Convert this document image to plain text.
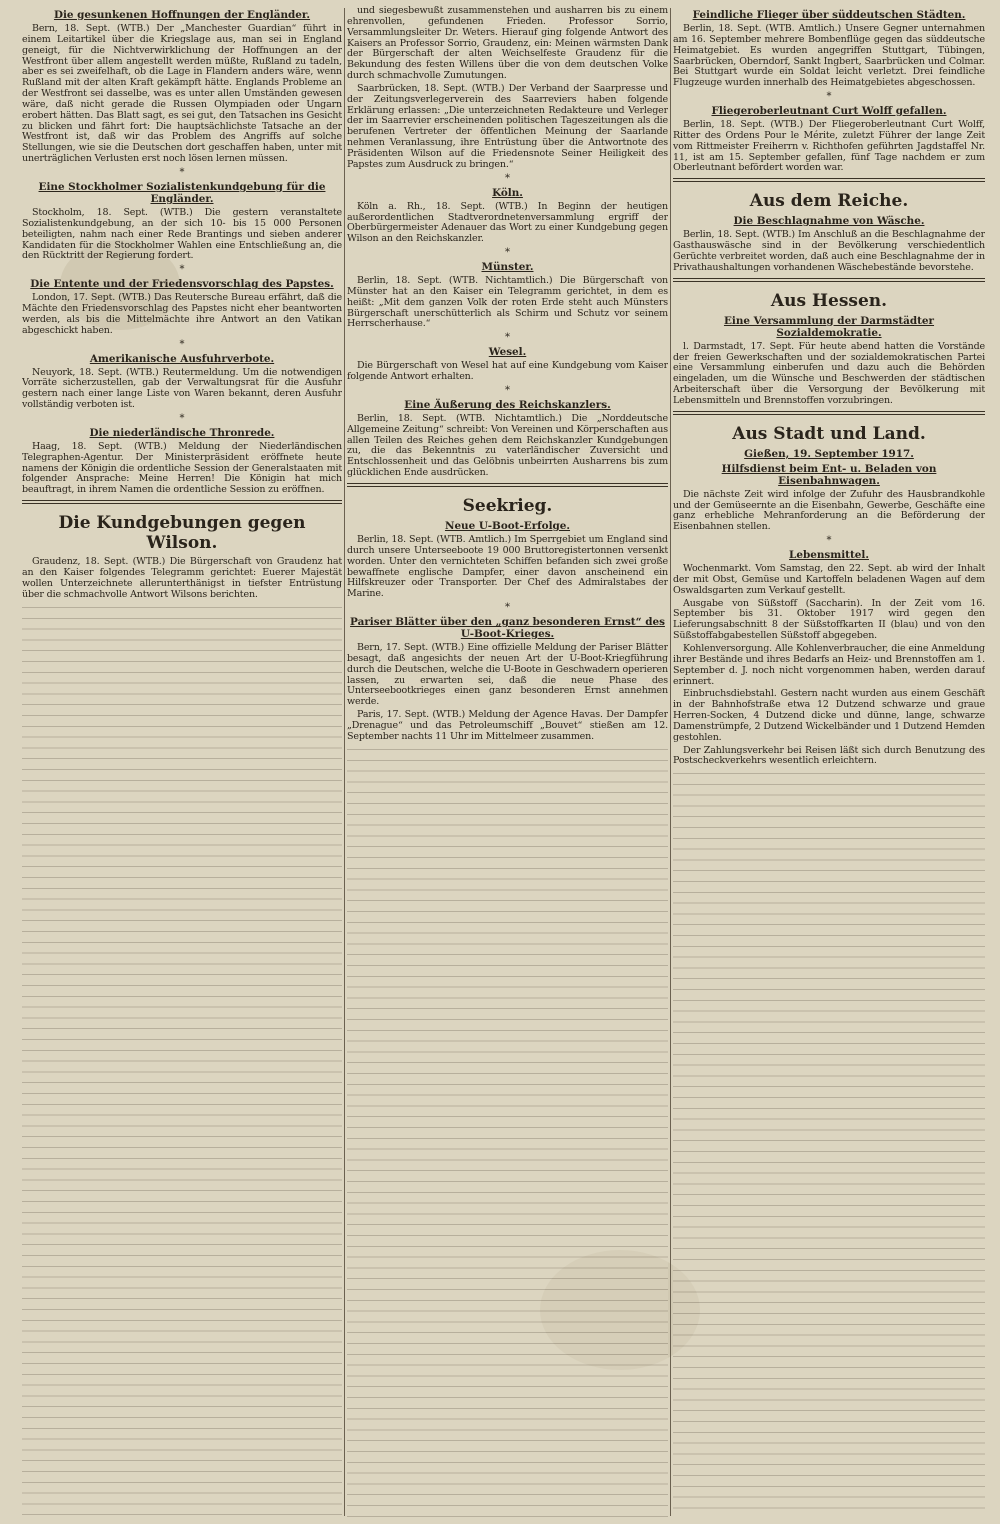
Die gesunkenen Hoffnungen der Engländer.

Bern, 18. Sept. (WTB.) Der „Manchester Guardian“ führt in einem Leitartikel über die Kriegslage aus, man sei in England geneigt, für die Nichtverwirklichung der Hoffnungen an der Westfront über allem angestellt werden müßte, Rußland zu tadeln, aber es sei zweifelhaft, ob die Lage in Flandern anders wäre, wenn Rußland mit der alten Kraft gekämpft hätte. Englands Probleme an der Westfront sei dasselbe, was es unter allen Umständen gewesen wäre, daß nicht gerade die Russen Olympiaden oder Ungarn erobert hätten. Das Blatt sagt, es sei gut, den Tatsachen ins Gesicht zu blicken und fährt fort: Die hauptsächlichste Tatsache an der Westfront ist, daß wir das Problem des Angriffs auf solche Stellungen, wie sie die Deutschen dort geschaffen haben, unter mit unerträglichen Verlusten erst noch lösen lernen müssen.

*
Eine Stockholmer Sozialistenkundgebung für die Engländer.

Stockholm, 18. Sept. (WTB.) Die gestern veranstaltete Sozialistenkundgebung, an der sich 10- bis 15 000 Personen beteiligten, nahm nach einer Rede Brantings und sieben anderer Kandidaten für die Stockholmer Wahlen eine Entschließung an, die den Rücktritt der Regierung fordert.

*
Die Entente und der Friedensvorschlag des Papstes.

London, 17. Sept. (WTB.) Das Reutersche Bureau erfährt, daß die Mächte den Friedensvorschlag des Papstes nicht eher beantworten werden, als bis die Mittelmächte ihre Antwort an den Vatikan abgeschickt haben.

*
Amerikanische Ausfuhrverbote.

Neuyork, 18. Sept. (WTB.) Reutermeldung. Um die notwendigen Vorräte sicherzustellen, gab der Verwaltungsrat für die Ausfuhr gestern nach einer lange Liste von Waren bekannt, deren Ausfuhr vollständig verboten ist.

*
Die niederländische Thronrede.

Haag, 18. Sept. (WTB.) Meldung der Niederländischen Telegraphen-Agentur. Der Ministerpräsident eröffnete heute namens der Königin die ordentliche Session der Generalstaaten mit folgender Ansprache: Meine Herren! Die Königin hat mich beauftragt, in ihrem Namen die ordentliche Session zu eröffnen.

Die Kundgebungen gegen Wilson.

Graudenz, 18. Sept. (WTB.) Die Bürgerschaft von Graudenz hat an den Kaiser folgendes Telegramm gerichtet: Euerer Majestät wollen Unterzeichnete allerunterthänigst in tiefster Entrüstung über die schmachvolle Antwort Wilsons berichten.

und siegesbewußt zusammenstehen und ausharren bis zu einem ehrenvollen, gefundenen Frieden. Professor Sorrio, Versammlungsleiter Dr. Weters. Hierauf ging folgende Antwort des Kaisers an Professor Sorrio, Graudenz, ein: Meinen wärmsten Dank der Bürgerschaft der alten Weichselfeste Graudenz für die Bekundung des festen Willens über die von dem deutschen Volke durch schmachvolle Zumutungen.

Saarbrücken, 18. Sept. (WTB.) Der Verband der Saarpresse und der Zeitungsverlegerverein des Saarreviers haben folgende Erklärung erlassen: „Die unterzeichneten Redakteure und Verleger der im Saarrevier erscheinenden politischen Tageszeitungen als die berufenen Vertreter der öffentlichen Meinung der Saarlande nehmen Veranlassung, ihre Entrüstung über die Antwortnote des Präsidenten Wilson auf die Friedensnote Seiner Heiligkeit des Papstes zum Ausdruck zu bringen.“

*
Köln.

Köln a. Rh., 18. Sept. (WTB.) In Beginn der heutigen außerordentlichen Stadtverordnetenversammlung ergriff der Oberbürgermeister Adenauer das Wort zu einer Kundgebung gegen Wilson an den Reichskanzler.

*
Münster.

Berlin, 18. Sept. (WTB. Nichtamtlich.) Die Bürgerschaft von Münster hat an den Kaiser ein Telegramm gerichtet, in dem es heißt: „Mit dem ganzen Volk der roten Erde steht auch Münsters Bürgerschaft unerschütterlich als Schirm und Schutz vor seinem Herrscherhause.“

*
Wesel.

Die Bürgerschaft von Wesel hat auf eine Kundgebung vom Kaiser folgende Antwort erhalten.

*
Eine Äußerung des Reichskanzlers.

Berlin, 18. Sept. (WTB. Nichtamtlich.) Die „Norddeutsche Allgemeine Zeitung“ schreibt: Von Vereinen und Körperschaften aus allen Teilen des Reiches gehen dem Reichskanzler Kundgebungen zu, die das Bekenntnis zu vaterländischer Zuversicht und Entschlossenheit und das Gelöbnis unbeirrten Ausharrens bis zum glücklichen Ende ausdrücken.

Seekrieg.
Neue U-Boot-Erfolge.

Berlin, 18. Sept. (WTB. Amtlich.) Im Sperrgebiet um England sind durch unsere Unterseeboote 19 000 Bruttoregistertonnen versenkt worden. Unter den vernichteten Schiffen befanden sich zwei große bewaffnete englische Dampfer, einer davon anscheinend ein Hilfskreuzer oder Transporter. Der Chef des Admiralstabes der Marine.

*
Pariser Blätter über den „ganz besonderen Ernst“ des U-Boot-Krieges.

Bern, 17. Sept. (WTB.) Eine offizielle Meldung der Pariser Blätter besagt, daß angesichts der neuen Art der U-Boot-Kriegführung durch die Deutschen, welche die U-Boote in Geschwadern operieren lassen, zu erwarten sei, daß die neue Phase des Unterseebootkrieges einen ganz besonderen Ernst annehmen werde.

Paris, 17. Sept. (WTB.) Meldung der Agence Havas. Der Dampfer „Drenague“ und das Petroleumschiff „Bouvet“ stießen am 12. September nachts 11 Uhr im Mittelmeer zusammen.

Feindliche Flieger über süddeutschen Städten.

Berlin, 18. Sept. (WTB. Amtlich.) Unsere Gegner unternahmen am 16. September mehrere Bombenflüge gegen das süddeutsche Heimatgebiet. Es wurden angegriffen Stuttgart, Tübingen, Saarbrücken, Oberndorf, Sankt Ingbert, Saarbrücken und Colmar. Bei Stuttgart wurde ein Soldat leicht verletzt. Drei feindliche Flugzeuge wurden innerhalb des Heimatgebietes abgeschossen.

*
Fliegeroberleutnant Curt Wolff gefallen.

Berlin, 18. Sept. (WTB.) Der Fliegeroberleutnant Curt Wolff, Ritter des Ordens Pour le Mérite, zuletzt Führer der lange Zeit vom Rittmeister Freiherrn v. Richthofen geführten Jagdstaffel Nr. 11, ist am 15. September gefallen, fünf Tage nachdem er zum Oberleutnant befördert worden war.

Aus dem Reiche.
Die Beschlagnahme von Wäsche.

Berlin, 18. Sept. (WTB.) Im Anschluß an die Beschlagnahme der Gasthauswäsche sind in der Bevölkerung verschiedentlich Gerüchte verbreitet worden, daß auch eine Beschlagnahme der in Privathaushaltungen vorhandenen Wäschebestände bevorstehe.

Aus Hessen.
Eine Versammlung der Darmstädter Sozialdemokratie.

l. Darmstadt, 17. Sept. Für heute abend hatten die Vorstände der freien Gewerkschaften und der sozialdemokratischen Partei eine Versammlung einberufen und dazu auch die Behörden eingeladen, um die Wünsche und Beschwerden der städtischen Arbeiterschaft über die Versorgung der Bevölkerung mit Lebensmitteln und Brennstoffen vorzubringen.

Aus Stadt und Land.
Gießen, 19. September 1917.
Hilfsdienst beim Ent- u. Beladen von Eisenbahnwagen.

Die nächste Zeit wird infolge der Zufuhr des Hausbrandkohle und der Gemüseernte an die Eisenbahn, Gewerbe, Geschäfte eine ganz erhebliche Mehranforderung an die Beförderung der Eisenbahnen stellen.

*
Lebensmittel.

Wochenmarkt. Vom Samstag, den 22. Sept. ab wird der Inhalt der mit Obst, Gemüse und Kartoffeln beladenen Wagen auf dem Oswaldsgarten zum Verkauf gestellt.

Ausgabe von Süßstoff (Saccharin). In der Zeit vom 16. September bis 31. Oktober 1917 wird gegen den Lieferungsabschnitt 8 der Süßstoffkarten II (blau) und von den Süßstoffabgabestellen Süßstoff abgegeben.

Kohlenversorgung. Alle Kohlenverbraucher, die eine Anmeldung ihrer Bestände und ihres Bedarfs an Heiz- und Brennstoffen am 1. September d. J. noch nicht vorgenommen haben, werden darauf erinnert.

Einbruchsdiebstahl. Gestern nacht wurden aus einem Geschäft in der Bahnhofstraße etwa 12 Dutzend schwarze und graue Herren-Socken, 4 Dutzend dicke und dünne, lange, schwarze Damenstrümpfe, 2 Dutzend Wickelbänder und 1 Dutzend Hemden gestohlen.

Der Zahlungsverkehr bei Reisen läßt sich durch Benutzung des Postscheckverkehrs wesentlich erleichtern.
